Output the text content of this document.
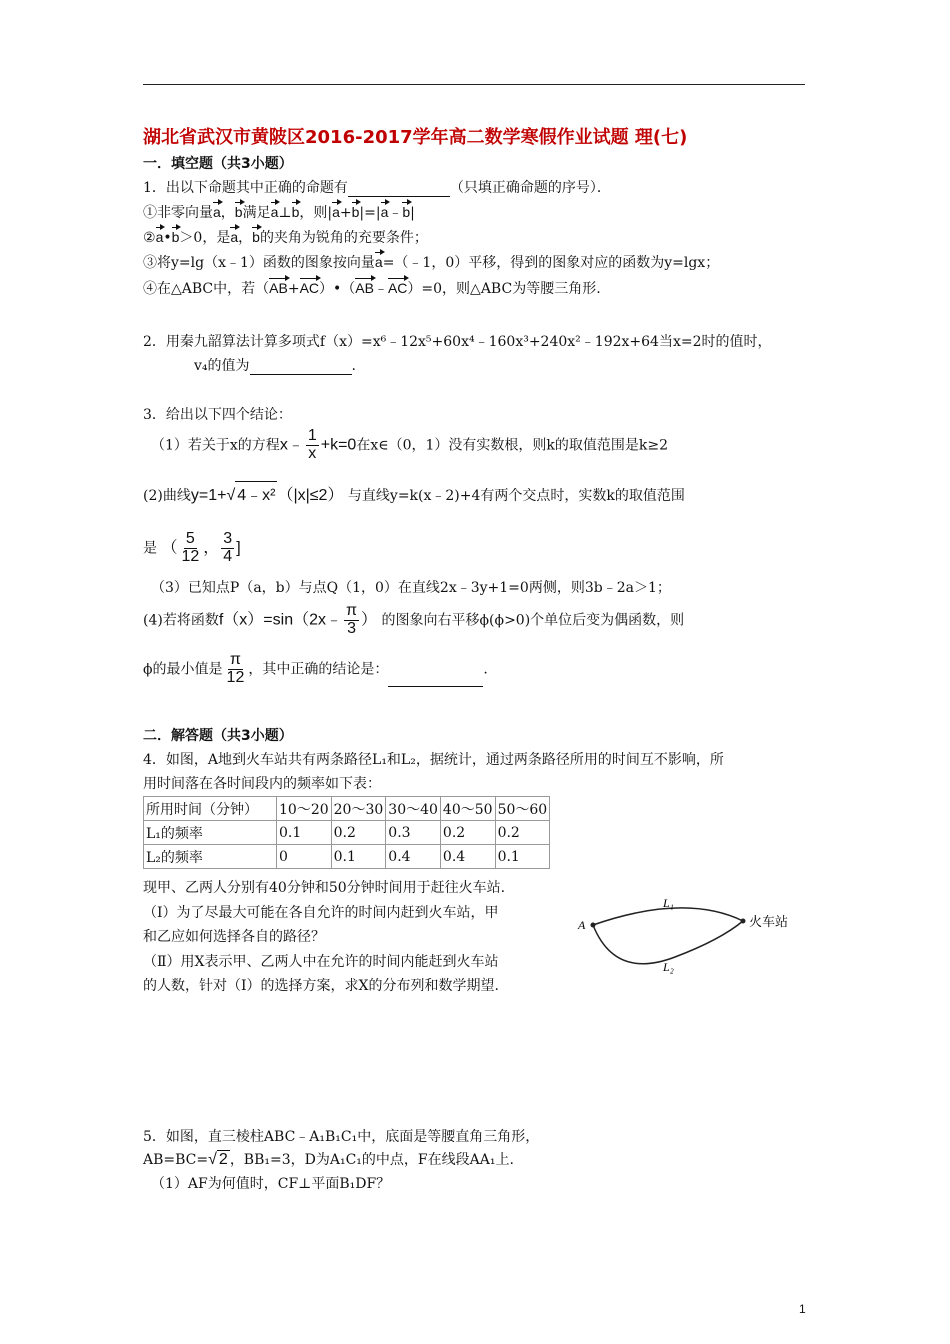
湖北省武汉市黄陂区2016-2017学年高二数学寒假作业试题 理(七)
一．填空题（共3小题）
1．出以下命题其中正确的命题有	（只填正确命题的序号）．
①非零向量a，b满足a⊥b，则|a+b|=|a﹣b|
②a•b＞0，是a，b的夹角为锐角的充要条件；
③将y=lg（x﹣1）函数的图象按向量a=（﹣1，0）平移，得到的图象对应的函数为y=lgx；
④在△ABC中，若（AB+AC）•（AB﹣AC）=0，则△ABC为等腰三角形.
2．用秦九韶算法计算多项式f（x）=x⁶﹣12x⁵+60x⁴﹣160x³+240x²﹣192x+64当x=2时的值时，
v₄的值为	.
3．给出以下四个结论：
（1）若关于x的方程x﹣ $\frac{1}{x} +k=0$在x∈（0，1）没有实数根，则k的取值范围是k≥2
(2)曲线y=1+√ 4﹣x² （|x|≤2） 与直线y=k(x﹣2)+4有两个交点时，实数k的取值范围
是 （ $\frac{5}{12}$ ， $\frac{3}{4}$ ]
（3）已知点P（a，b）与点Q（1，0）在直线2x﹣3y+1=0两侧，则3b﹣2a＞1；
(4)若将函数f（x）=sin（2x﹣ $\frac{\pi}{3}$ ） 的图象向右平移ϕ(ϕ>0)个单位后变为偶函数，则
ϕ的最小值是 $\frac{\pi}{12}$ ，其中正确的结论是：	.
二．解答题（共3小题）
4．如图，A地到火车站共有两条路径L₁和L₂，据统计，通过两条路径所用的时间互不影响，所
用时间落在各时间段内的频率如下表：
所用时间（分钟）	10～20	20～30	30～40	40～50	50～60
L₁的频率	0.1	0.2	0.3	0.2	0.2
L₂的频率	0	0.1	0.4	0.4	0.1
现甲、乙两人分别有40分钟和50分钟时间用于赶往火车站.
（Ⅰ）为了尽最大可能在各自允许的时间内赶到火车站，甲
和乙应如何选择各自的路径？
（Ⅱ）用X表示甲、乙两人中在允许的时间内能赶到火车站
的人数，针对（Ⅰ）的选择方案，求X的分布列和数学期望.
A	火车站
L₁
L₂
5．如图，直三棱柱ABC﹣A₁B₁C₁中，底面是等腰直角三角形，
AB=BC=√ 2 ，BB₁=3，D为A₁C₁的中点，F在线段AA₁上.
（1）AF为何值时，CF⊥平面B₁DF？
1
